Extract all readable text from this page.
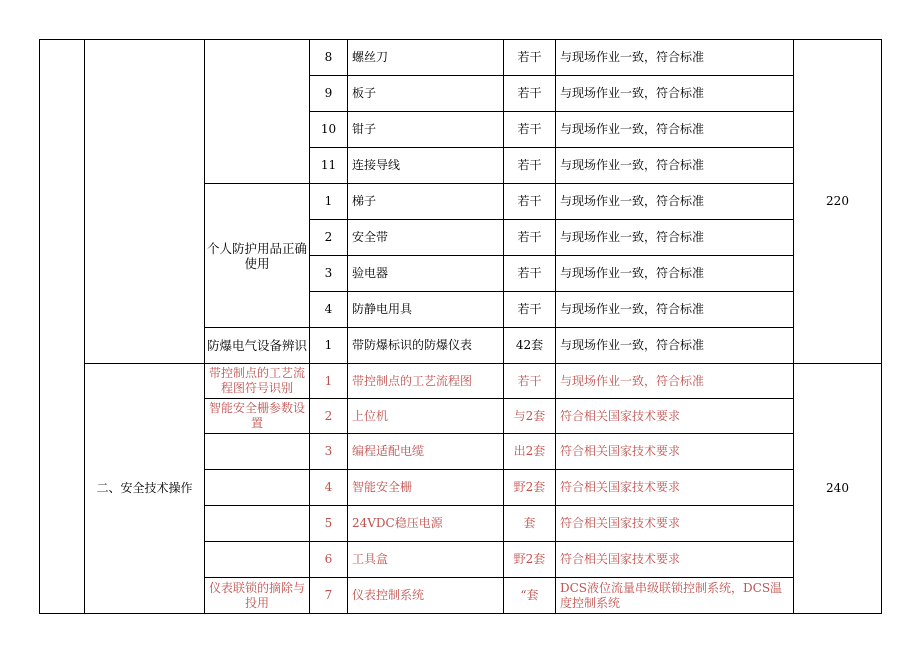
			8	螺丝刀	若干	与现场作业一致，符合标准	220
			9	板子	若干	与现场作业一致，符合标准	
			10	钳子	若干	与现场作业一致，符合标准	
			11	连接导线	若干	与现场作业一致，符合标准	
		个人防护用品正确使用	1	梯子	若干	与现场作业一致，符合标准	
			2	安全带	若干	与现场作业一致，符合标准	
			3	验电器	若干	与现场作业一致，符合标准	
			4	防静电用具	若干	与现场作业一致，符合标准	
		防爆电气设备辨识	1	带防爆标识的防爆仪表	42套	与现场作业一致，符合标准	
	二、安全技术操作	带控制点的工艺流程图符号识别	1	带控制点的工艺流程图	若干	与现场作业一致，符合标准	240
		智能安全栅参数设置	2	上位机	与2套	符合相关国家技术要求	
			3	编程适配电缆	出2套	符合相关国家技术要求	
			4	智能安全栅	野2套	符合相关国家技术要求	
			5	24VDC稳压电源	套	符合相关国家技术要求	
			6	工具盒	野2套	符合相关国家技术要求	
		仪表联锁的摘除与投用	7	仪表控制系统	“套	DCS液位流量串级联锁控制系统，DCS温度控制系统	
